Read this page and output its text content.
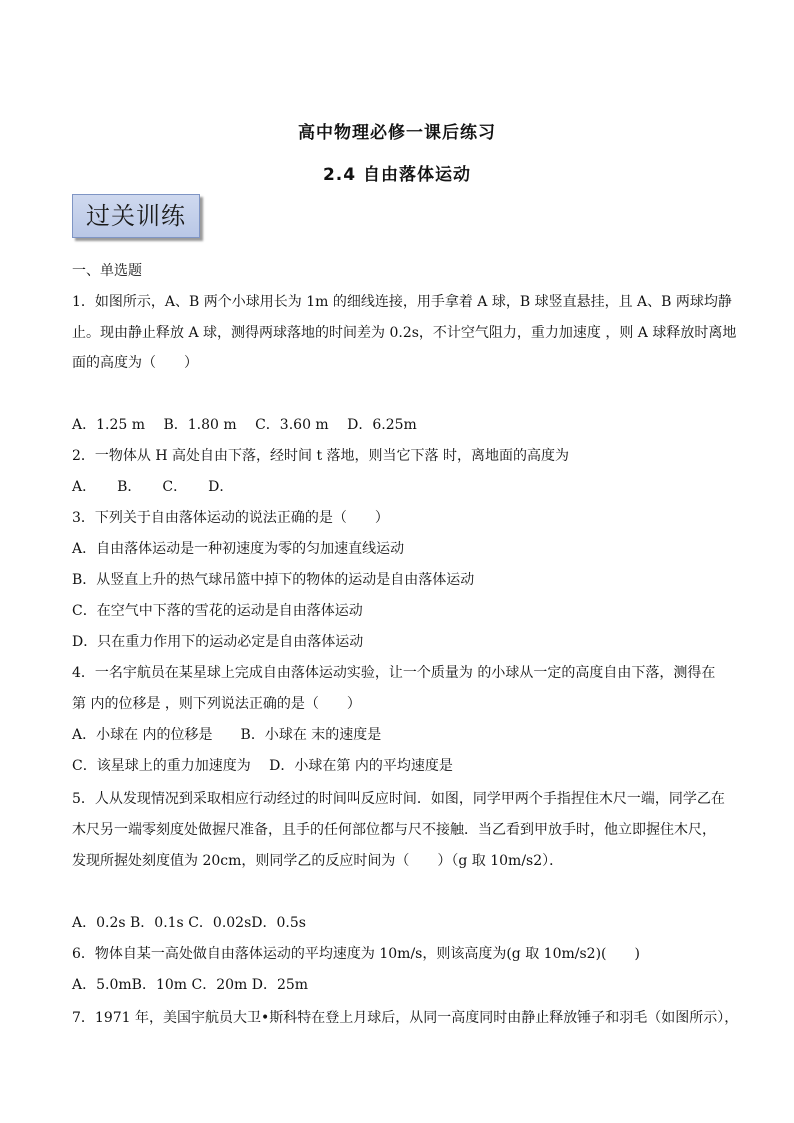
高中物理必修一课后练习
2.4 自由落体运动
过关训练
一、单选题
1．如图所示，A、B 两个小球用长为 1m 的细线连接，用手拿着 A 球，B 球竖直悬挂，且 A、B 两球均静
止。现由静止释放 A 球，测得两球落地的时间差为 0.2s，不计空气阻力，重力加速度 ，则 A 球释放时离地
面的高度为（　　）
A．1.25 m　 B．1.80 m　 C．3.60 m　 D．6.25m
2．一物体从 H 高处自由下落，经时间 t 落地，则当它下落 时，离地面的高度为
A．　　B．　　C．　　D．
3．下列关于自由落体运动的说法正确的是（　　）
A．自由落体运动是一种初速度为零的匀加速直线运动
B．从竖直上升的热气球吊篮中掉下的物体的运动是自由落体运动
C．在空气中下落的雪花的运动是自由落体运动
D．只在重力作用下的运动必定是自由落体运动
4．一名宇航员在某星球上完成自由落体运动实验，让一个质量为 的小球从一定的高度自由下落，测得在
第 内的位移是 ，则下列说法正确的是（　　）
A．小球在 内的位移是　　B．小球在 末的速度是
C．该星球上的重力加速度为　 D．小球在第 内的平均速度是
5．人从发现情况到采取相应行动经过的时间叫反应时间．如图，同学甲两个手指捏住木尺一端，同学乙在
木尺另一端零刻度处做握尺准备，且手的任何部位都与尺不接触．当乙看到甲放手时，他立即握住木尺，
发现所握处刻度值为 20cm，则同学乙的反应时间为（　　）（g 取 10m/s2）．
A．0.2s B．0.1s C．0.02sD．0.5s
6．物体自某一高处做自由落体运动的平均速度为 10m/s，则该高度为(g 取 10m/s2)(　　)
A．5.0mB．10m C．20m D．25m
7．1971 年，美国宇航员大卫•斯科特在登上月球后，从同一高度同时由静止释放锤子和羽毛（如图所示），
